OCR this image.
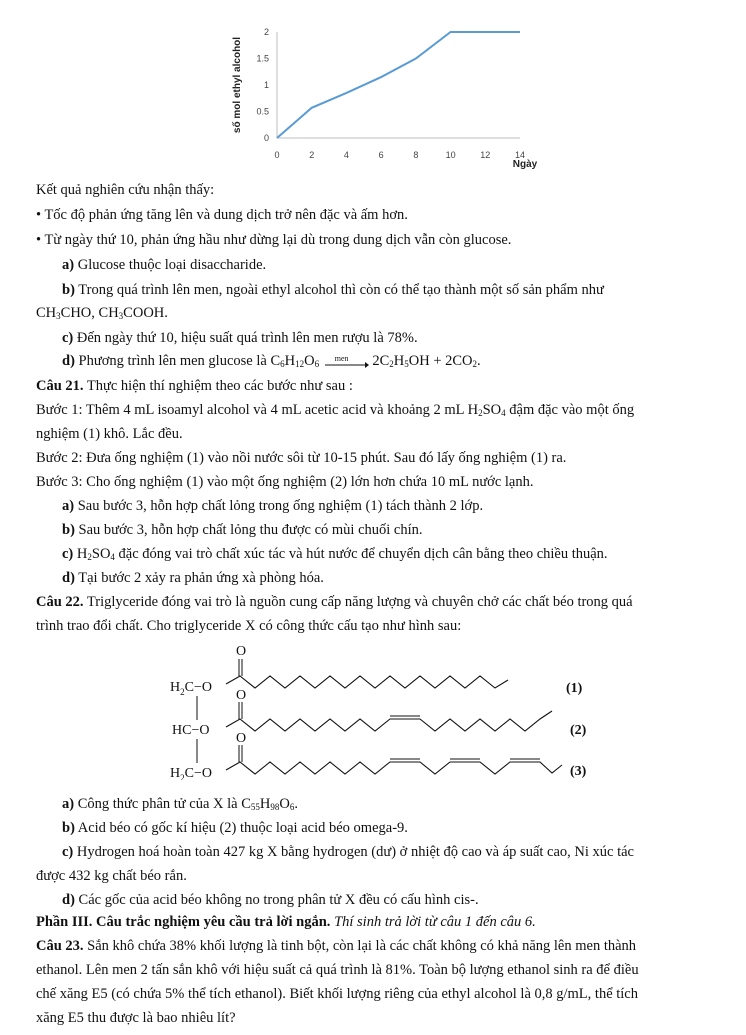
0
0.5
1
1.5
2
0	2	4	6	8	10	12	14
Ngày
số mol ethyl alcohol
Kết quả nghiên cứu nhận thấy:
• Tốc độ phản ứng tăng lên và dung dịch trở nên đặc và ấm hơn.
• Từ ngày thứ 10, phản ứng hầu như dừng lại dù trong dung dịch vẫn còn glucose.
a) Glucose thuộc loại disaccharide.
b) Trong quá trình lên men, ngoài ethyl alcohol thì còn có thể tạo thành một số sản phẩm như
$CH_3CHO$, $CH_3COOH$.
c) Đến ngày thứ 10, hiệu suất quá trình lên men rượu là 78%.
d) Phương trình lên men glucose là $C_6H_{12}O_6$
men $2C_2H_5OH + 2CO_2$.
Câu 21. Thực hiện thí nghiệm theo các bước như sau :
Bước 1: Thêm 4 mL isoamyl alcohol và 4 mL acetic acid và khoảng 2 mL $H_2SO_4$ đậm đặc vào một ống
nghiệm (1) khô. Lắc đều.
Bước 2: Đưa ống nghiệm (1) vào nồi nước sôi từ 10-15 phút. Sau đó lấy ống nghiệm (1) ra.
Bước 3: Cho ống nghiệm (1) vào một ống nghiệm (2) lớn hơn chứa 10 mL nước lạnh.
a) Sau bước 3, hỗn hợp chất lỏng trong ống nghiệm (1) tách thành 2 lớp.
b) Sau bước 3, hỗn hợp chất lỏng thu được có mùi chuối chín.
c) $H_2SO_4$ đặc đóng vai trò chất xúc tác và hút nước để chuyển dịch cân bằng theo chiều thuận.
d) Tại bước 2 xảy ra phản ứng xà phòng hóa.
Câu 22. Triglyceride đóng vai trò là nguồn cung cấp năng lượng và chuyên chở các chất béo trong quá
trình trao đổi chất. Cho triglyceride X có công thức cấu tạo như hình sau:
$H_2C-O$
HC−O
$H_2C-O$
O
O
O
(1)
(2)
(3)
a) Công thức phân tử của X là $C_{55}H_{98}O_6$.
b) Acid béo có gốc kí hiệu (2) thuộc loại acid béo omega-9.
c) Hydrogen hoá hoàn toàn 427 kg X bằng hydrogen (dư) ở nhiệt độ cao và áp suất cao, Ni xúc tác
được 432 kg chất béo rắn.
d) Các gốc của acid béo không no trong phân tử X đều có cấu hình cis-.
Phần III. Câu trắc nghiệm yêu cầu trả lời ngắn. Thí sinh trả lời từ câu 1 đến câu 6.
Câu 23. Sắn khô chứa 38% khối lượng là tinh bột, còn lại là các chất không có khả năng lên men thành
ethanol. Lên men 2 tấn sắn khô với hiệu suất cả quá trình là 81%. Toàn bộ lượng ethanol sinh ra để điều
chế xăng E5 (có chứa 5% thể tích ethanol). Biết khối lượng riêng của ethyl alcohol là 0,8 g/mL, thể tích
xăng E5 thu được là bao nhiêu lít?
